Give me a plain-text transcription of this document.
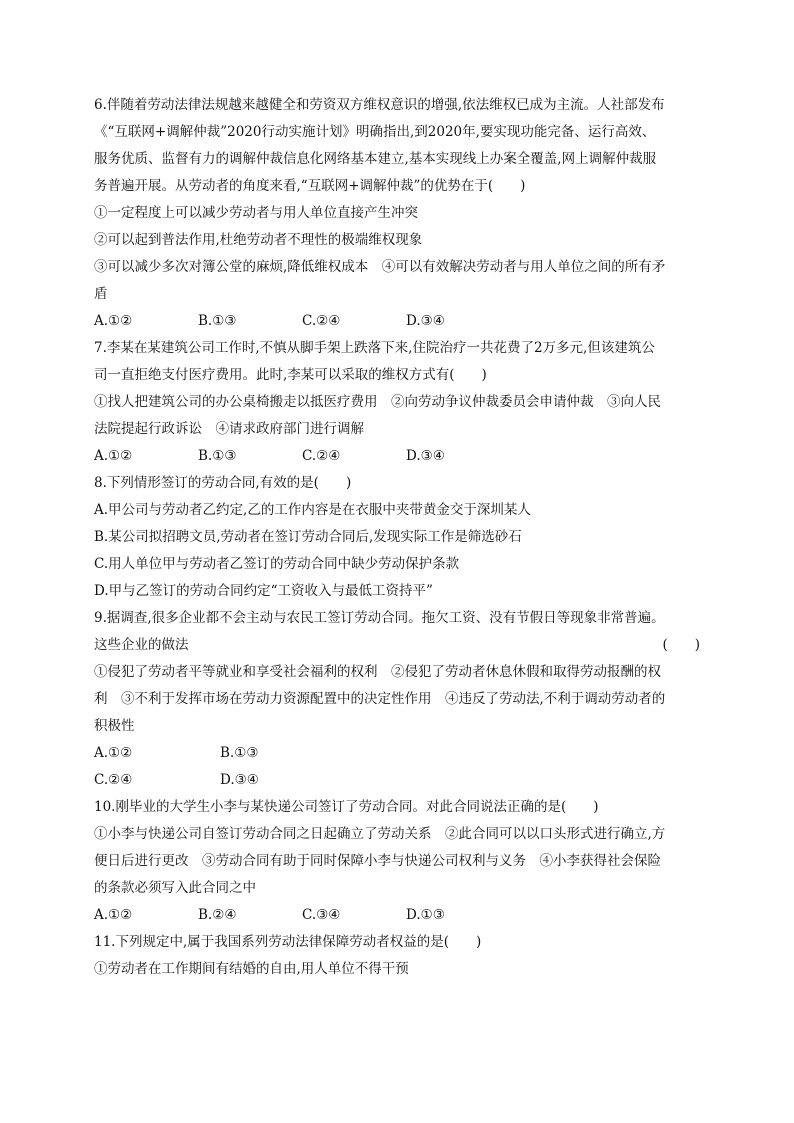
6.伴随着劳动法律法规越来越健全和劳资双方维权意识的增强,依法维权已成为主流。人社部发布
《“互联网+调解仲裁”2020行动实施计划》明确指出,到2020年,要实现功能完备、运行高效、
服务优质、监督有力的调解仲裁信息化网络基本建立,基本实现线上办案全覆盖,网上调解仲裁服
务普遍开展。从劳动者的角度来看,“互联网+调解仲裁”的优势在于(　　)
①一定程度上可以减少劳动者与用人单位直接产生冲突
②可以起到普法作用,杜绝劳动者不理性的极端维权现象
③可以减少多次对簿公堂的麻烦,降低维权成本　④可以有效解决劳动者与用人单位之间的所有矛
盾
A.①②	B.①③	C.②④	D.③④
7.李某在某建筑公司工作时,不慎从脚手架上跌落下来,住院治疗一共花费了2万多元,但该建筑公
司一直拒绝支付医疗费用。此时,李某可以采取的维权方式有(　　)
①找人把建筑公司的办公桌椅搬走以抵医疗费用　②向劳动争议仲裁委员会申请仲裁　③向人民
法院提起行政诉讼　④请求政府部门进行调解
A.①②	B.①③	C.②④	D.③④
8.下列情形签订的劳动合同,有效的是(　　)
A.甲公司与劳动者乙约定,乙的工作内容是在衣服中夹带黄金交于深圳某人
B.某公司拟招聘文员,劳动者在签订劳动合同后,发现实际工作是筛选砂石
C.用人单位甲与劳动者乙签订的劳动合同中缺少劳动保护条款
D.甲与乙签订的劳动合同约定“工资收入与最低工资持平”
9.据调查,很多企业都不会主动与农民工签订劳动合同。拖欠工资、没有节假日等现象非常普遍。
这些企业的做法	(　　)
①侵犯了劳动者平等就业和享受社会福利的权利　②侵犯了劳动者休息休假和取得劳动报酬的权
利　③不利于发挥市场在劳动力资源配置中的决定性作用　④违反了劳动法,不利于调动劳动者的
积极性
A.①②	B.①③
C.②④	D.③④
10.刚毕业的大学生小李与某快递公司签订了劳动合同。对此合同说法正确的是(　　)
①小李与快递公司自签订劳动合同之日起确立了劳动关系　②此合同可以以口头形式进行确立,方
便日后进行更改　③劳动合同有助于同时保障小李与快递公司权利与义务　④小李获得社会保险
的条款必须写入此合同之中
A.①②	B.②④	C.③④	D.①③
11.下列规定中,属于我国系列劳动法律保障劳动者权益的是(　　)
①劳动者在工作期间有结婚的自由,用人单位不得干预
